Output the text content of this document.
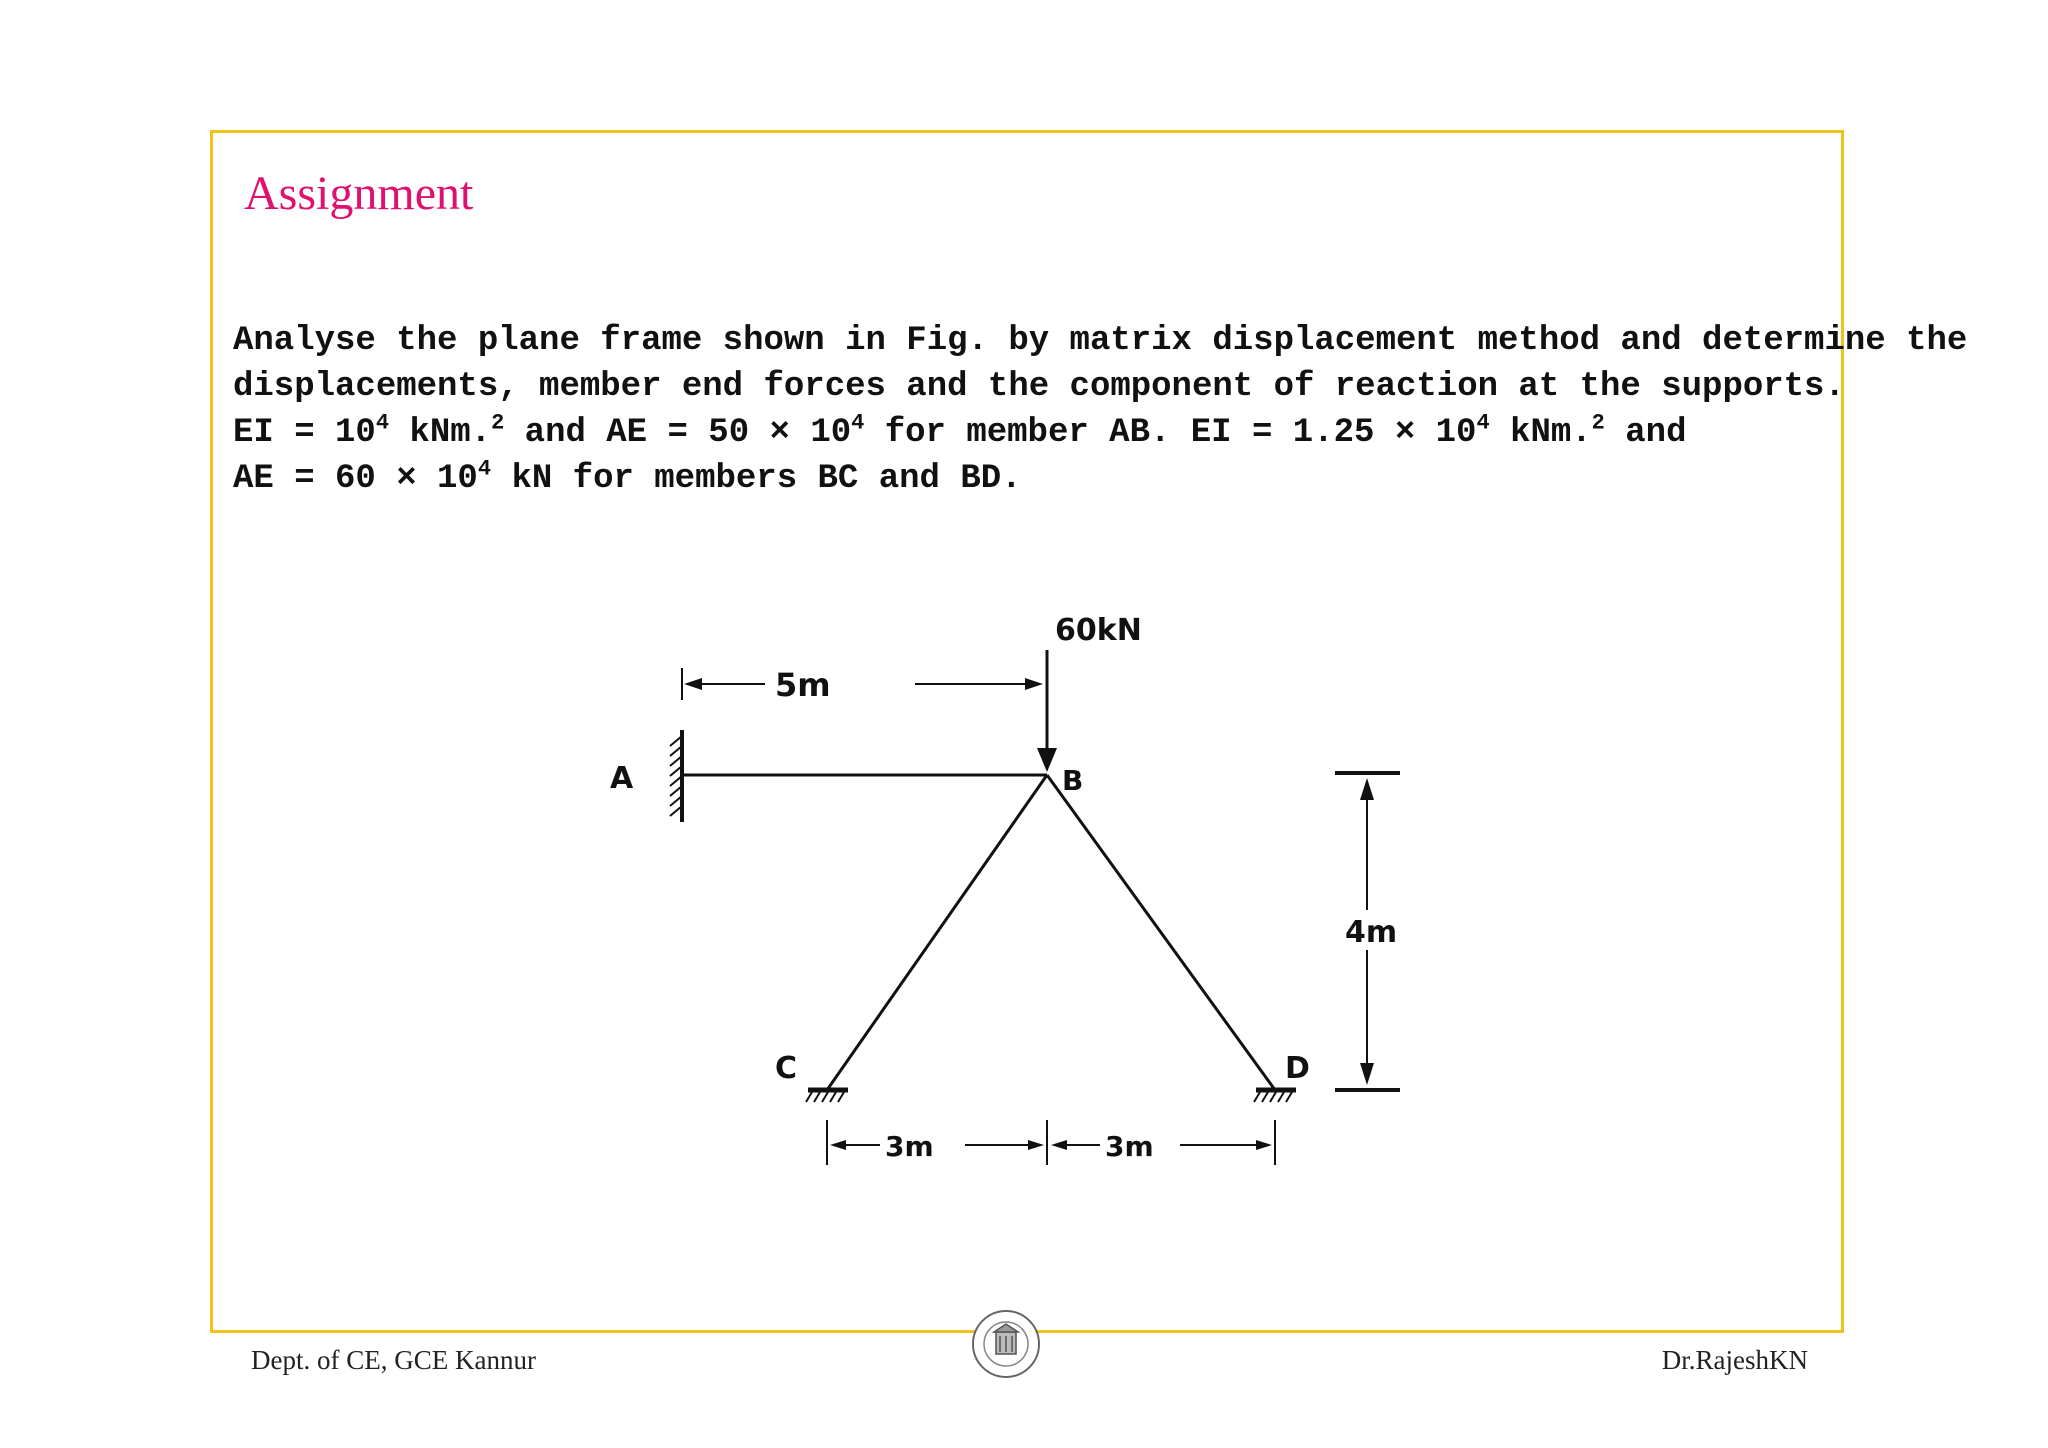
Assignment
Analyse the plane frame shown in Fig. by matrix displacement method and determine the
displacements, member end forces and the component of reaction at the supports.
EI = $10^4$ kNm.$^2$ and AE = $50 \times 10^4$ for member AB. EI = $1.25 \times 10^4$ kNm.$^2$ and
AE = $60 \times 10^4$ kN for members BC and BD.
60kN
A	B
C	D
5m
4m
3m	3m
Dept. of CE, GCE Kannur	Dr.RajeshKN
